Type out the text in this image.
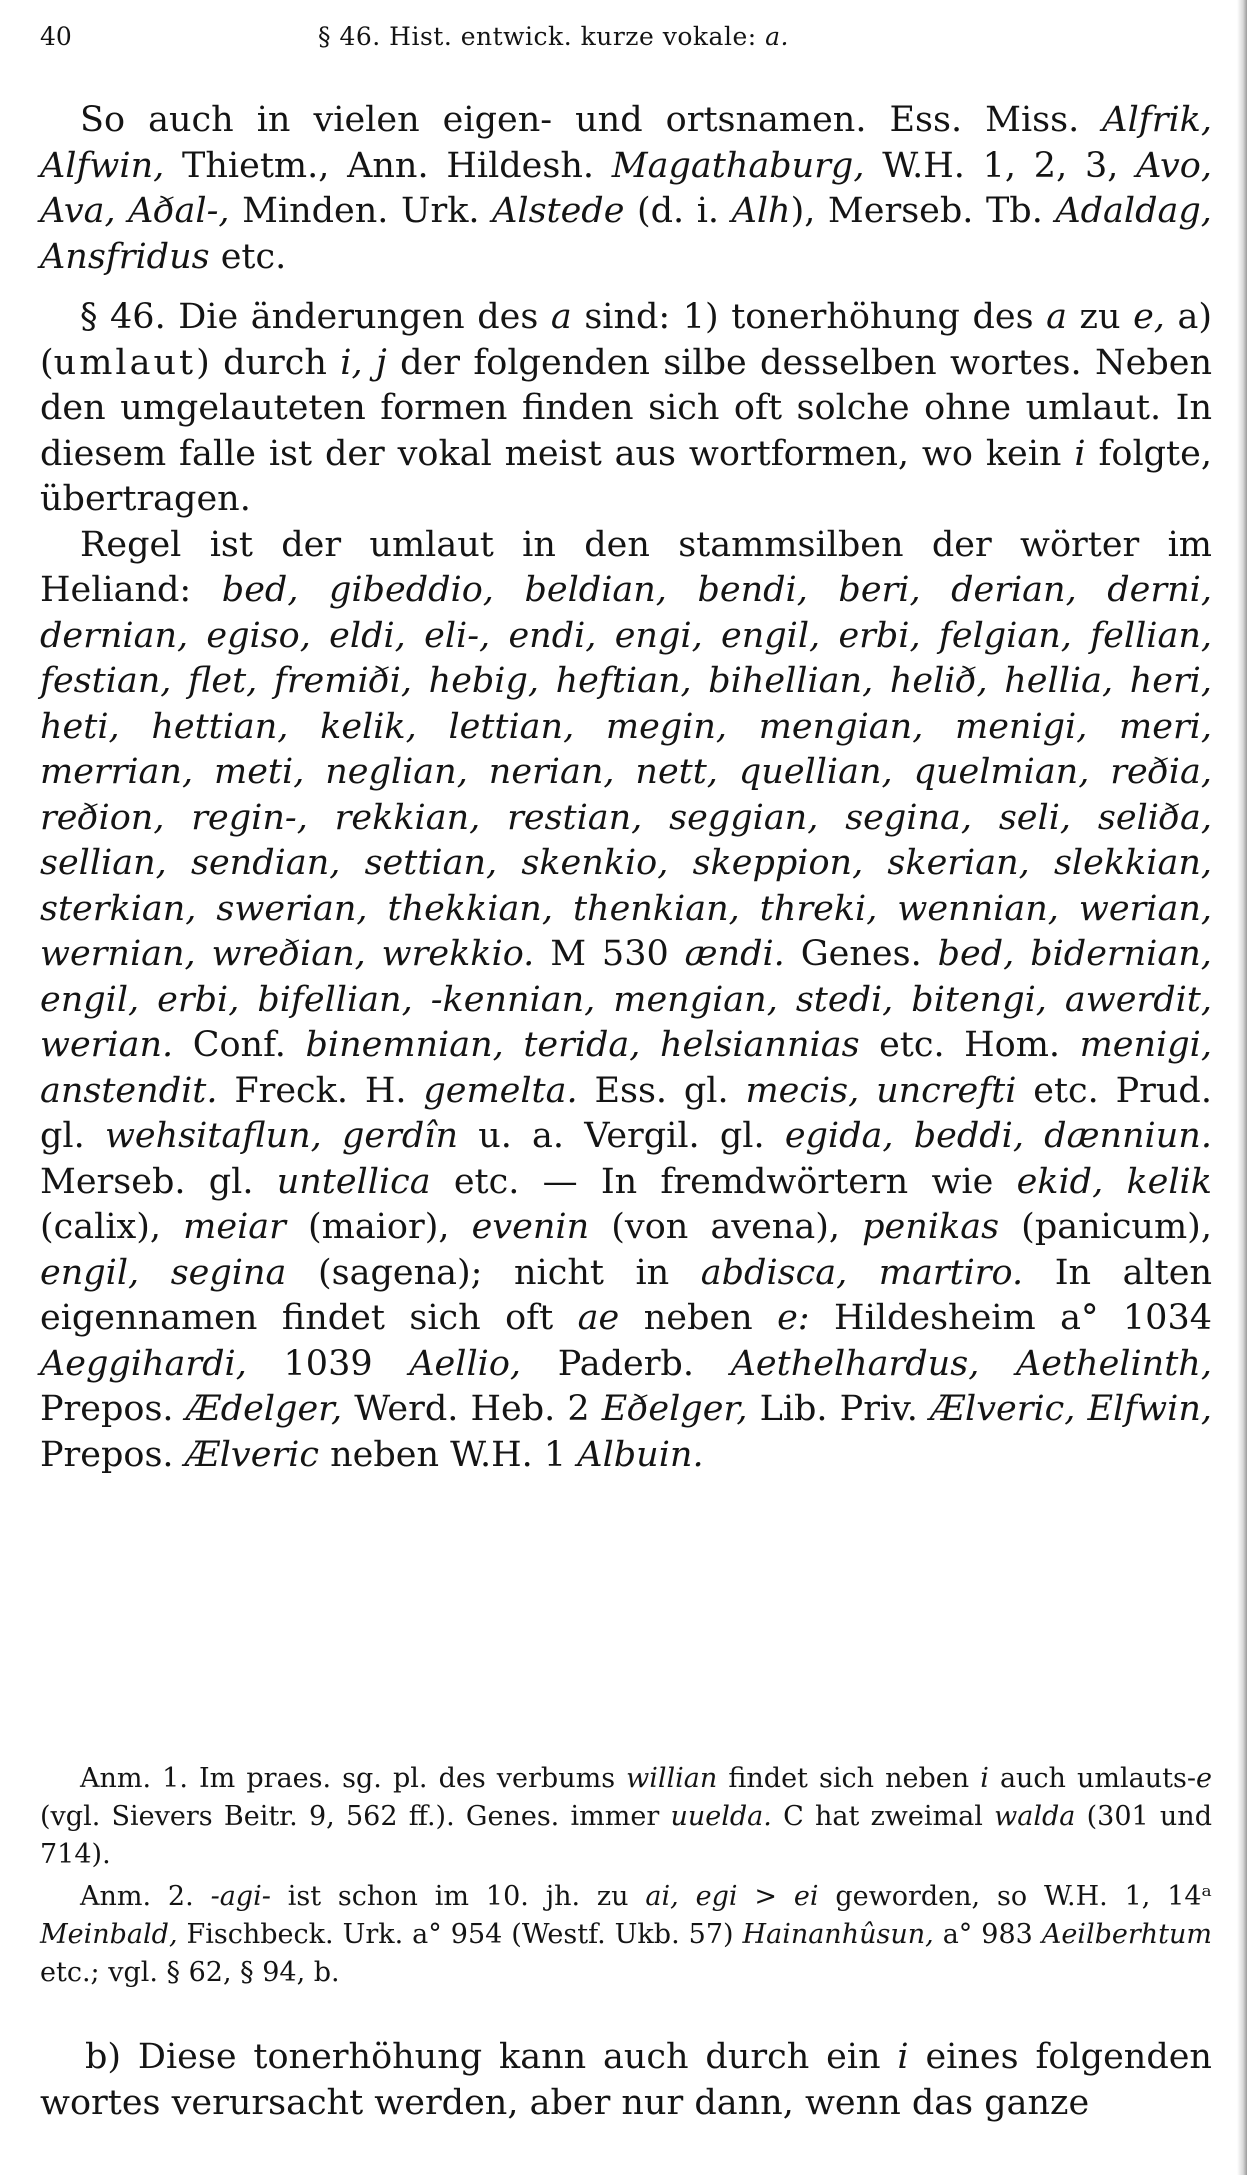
40	§ 46. Hist. entwick. kurze vokale: a.

So auch in vielen eigen- und ortsnamen. Ess. Miss. Alfrik, Alfwin, Thietm., Ann. Hildesh. Magathaburg, W.H. 1, 2, 3, Avo, Ava, Aðal-, Minden. Urk. Alstede (d. i. Alh), Merseb. Tb. Adaldag, Ansfridus etc.

§ 46. Die änderungen des a sind: 1) tonerhöhung des a zu e, a) (umlaut) durch i, j der folgenden silbe desselben wortes. Neben den umgelauteten formen finden sich oft solche ohne umlaut. In diesem falle ist der vokal meist aus wortformen, wo kein i folgte, übertragen.

Regel ist der umlaut in den stammsilben der wörter im Heliand: bed, gibeddio, beldian, bendi, beri, derian, derni, dernian, egiso, eldi, eli-, endi, engi, engil, erbi, felgian, fellian, festian, flet, fremiði, hebig, heftian, bihellian, helið, hellia, heri, heti, hettian, kelik, lettian, megin, mengian, menigi, meri, merrian, meti, neglian, nerian, nett, quellian, quelmian, reðia, reðion, regin-, rekkian, restian, seggian, segina, seli, seliða, sellian, sendian, settian, skenkio, skeppion, skerian, slekkian, sterkian, swerian, thekkian, thenkian, threki, wennian, werian, wernian, wreðian, wrekkio. M 530 ændi. Genes. bed, bidernian, engil, erbi, bifellian, -kennian, mengian, stedi, bitengi, awerdit, werian. Conf. binemnian, terida, helsiannias etc. Hom. menigi, anstendit. Freck. H. gemelta. Ess. gl. mecis, uncrefti etc. Prud. gl. wehsitaflun, gerdîn u. a. Vergil. gl. egida, beddi, dænniun. Merseb. gl. untellica etc. — In fremdwörtern wie ekid, kelik (calix), meiar (maior), evenin (von avena), penikas (panicum), engil, segina (sagena); nicht in abdisca, martiro. In alten eigennamen findet sich oft ae neben e: Hildesheim a° 1034 Aeggihardi, 1039 Aellio, Paderb. Aethelhardus, Aethelinth, Prepos. Ædelger, Werd. Heb. 2 Eðelger, Lib. Priv. Ælveric, Elfwin, Prepos. Ælveric neben W.H. 1 Albuin.

Anm. 1. Im praes. sg. pl. des verbums willian findet sich neben i auch umlauts-e (vgl. Sievers Beitr. 9, 562 ff.). Genes. immer uuelda. C hat zweimal walda (301 und 714).

Anm. 2. -agi- ist schon im 10. jh. zu ai, egi > ei geworden, so W.H. 1, 14ᵃ Meinbald, Fischbeck. Urk. a° 954 (Westf. Ukb. 57) Hainanhûsun, a° 983 Aeilberhtum etc.; vgl. § 62, § 94, b.

b) Diese tonerhöhung kann auch durch ein i eines folgenden wortes verursacht werden, aber nur dann, wenn das ganze
